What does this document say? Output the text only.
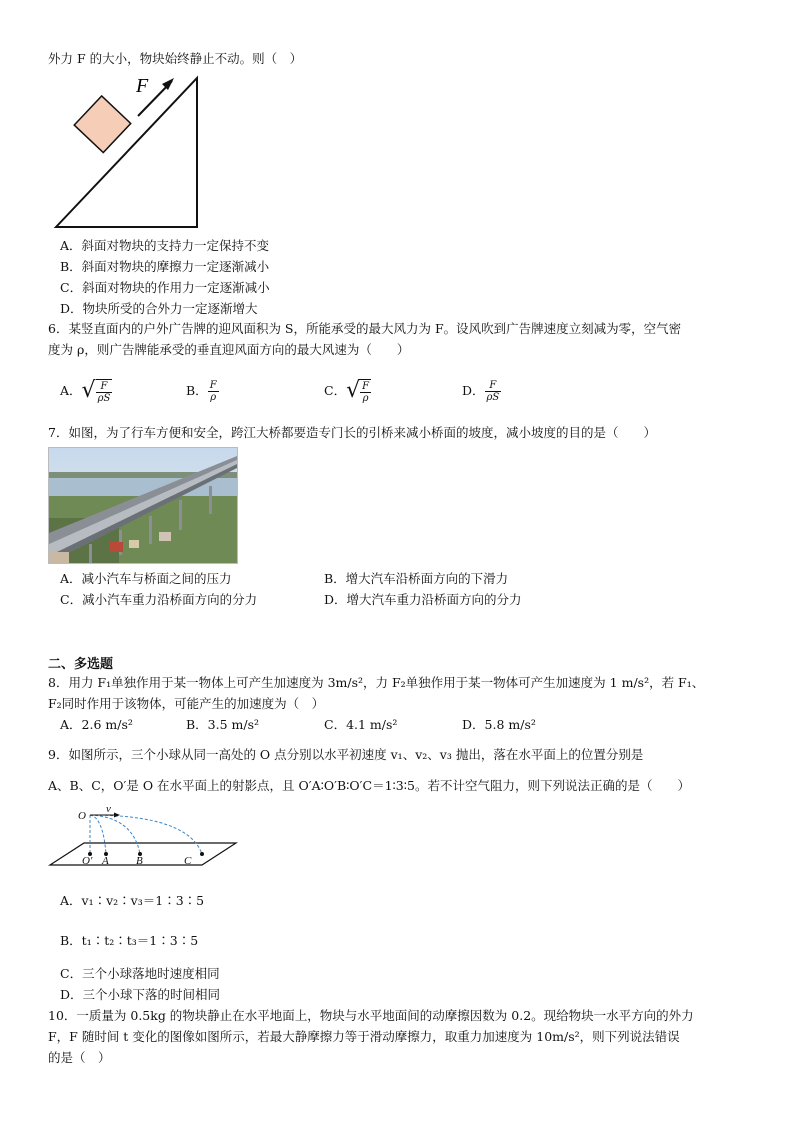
外力 F 的大小，物块始终静止不动。则（　）
F
A．斜面对物块的支持力一定保持不变
B．斜面对物块的摩擦力一定逐渐减小
C．斜面对物块的作用力一定逐渐减小
D．物块所受的合外力一定逐渐增大
6．某竖直面内的户外广告牌的迎风面积为 S，所能承受的最大风力为 F。设风吹到广告牌速度立刻减为零，空气密
度为 ρ，则广告牌能承受的垂直迎风面方向的最大风速为（　　）
A． √ $\frac{F}{\rho S}$	B． $\frac{F}{\rho}$	C． √ $\frac{F}{\rho}$	D． $\frac{F}{\rho S}$
7．如图，为了行车方便和安全，跨江大桥都要造专门长的引桥来减小桥面的坡度，减小坡度的目的是（　　）
A．减小汽车与桥面之间的压力	B．增大汽车沿桥面方向的下滑力
C．减小汽车重力沿桥面方向的分力	D．增大汽车重力沿桥面方向的分力
二、多选题
8．用力 F₁单独作用于某一物体上可产生加速度为 3m/s²，力 F₂单独作用于某一物体可产生加速度为 1 m/s²，若 F₁、
F₂同时作用于该物体，可能产生的加速度为（　）
A．2.6 m/s²	B．3.5 m/s²	C．4.1 m/s²	D．5.8 m/s²
9．如图所示，三个小球从同一高处的 O 点分别以水平初速度 v₁、v₂、v₃ 抛出，落在水平面上的位置分别是
A、B、C，O′是 O 在水平面上的射影点，且 O′A∶O′B∶O′C＝1∶3∶5。若不计空气阻力，则下列说法正确的是（　　）
O
v
O′ A B	C
A．v₁∶v₂∶v₃＝1∶3∶5
B．t₁∶t₂∶t₃＝1∶3∶5
C．三个小球落地时速度相同
D．三个小球下落的时间相同
10．一质量为 0.5kg 的物块静止在水平地面上，物块与水平地面间的动摩擦因数为 0.2。现给物块一水平方向的外力
F，F 随时间 t 变化的图像如图所示，若最大静摩擦力等于滑动摩擦力，取重力加速度为 10m/s²，则下列说法错误
的是（　）
